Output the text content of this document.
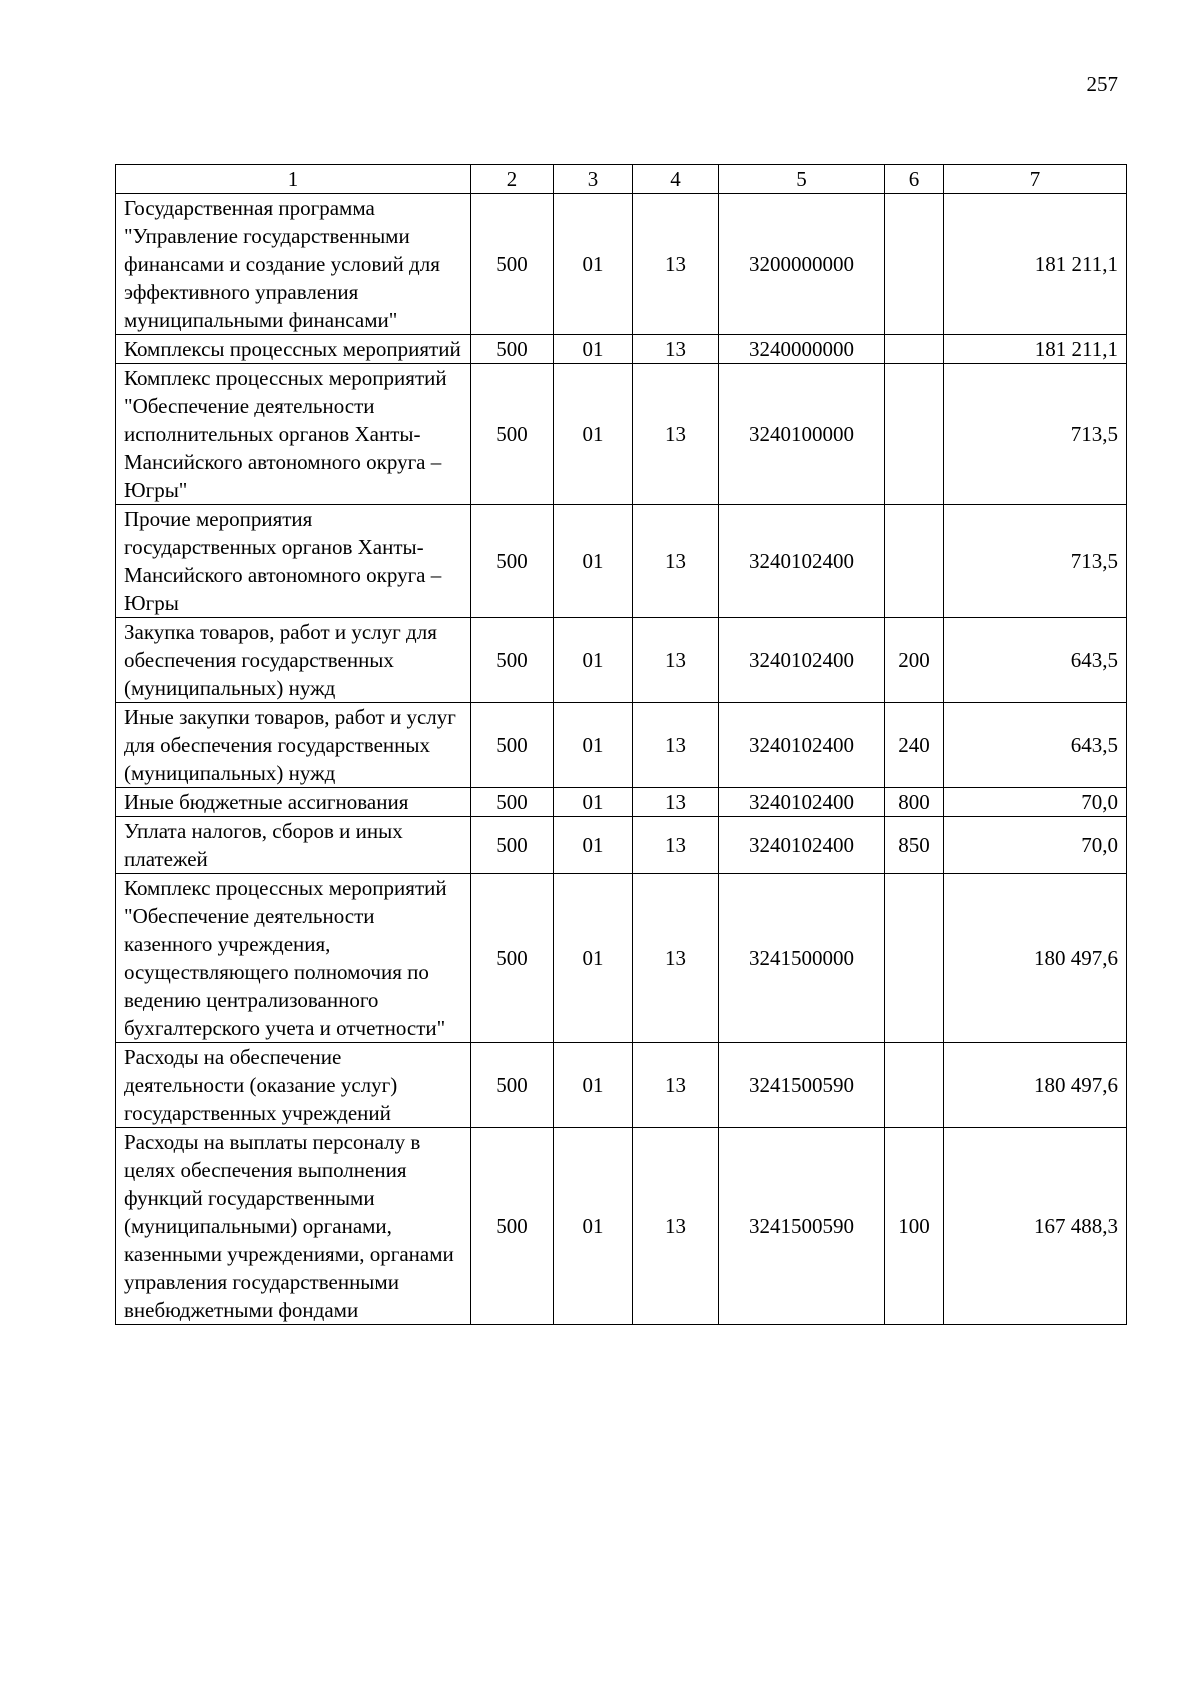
257
1	2	3	4	5	6	7
Государственная программа "Управление государственными финансами и создание условий для эффективного управления муниципальными финансами"	500	01	13	3200000000		181 211,1
Комплексы процессных мероприятий	500	01	13	3240000000		181 211,1
Комплекс процессных мероприятий "Обеспечение деятельности исполнительных органов Ханты-Мансийского автономного округа – Югры"	500	01	13	3240100000		713,5
Прочие мероприятия государственных органов Ханты-Мансийского автономного округа – Югры	500	01	13	3240102400		713,5
Закупка товаров, работ и услуг для обеспечения государственных (муниципальных) нужд	500	01	13	3240102400	200	643,5
Иные закупки товаров, работ и услуг для обеспечения государственных (муниципальных) нужд	500	01	13	3240102400	240	643,5
Иные бюджетные ассигнования	500	01	13	3240102400	800	70,0
Уплата налогов, сборов и иных платежей	500	01	13	3240102400	850	70,0
Комплекс процессных мероприятий "Обеспечение деятельности казенного учреждения, осуществляющего полномочия по ведению централизованного бухгалтерского учета и отчетности"	500	01	13	3241500000		180 497,6
Расходы на обеспечение деятельности (оказание услуг) государственных учреждений	500	01	13	3241500590		180 497,6
Расходы на выплаты персоналу в целях обеспечения выполнения функций государственными (муниципальными) органами, казенными учреждениями, органами управления государственными внебюджетными фондами	500	01	13	3241500590	100	167 488,3
